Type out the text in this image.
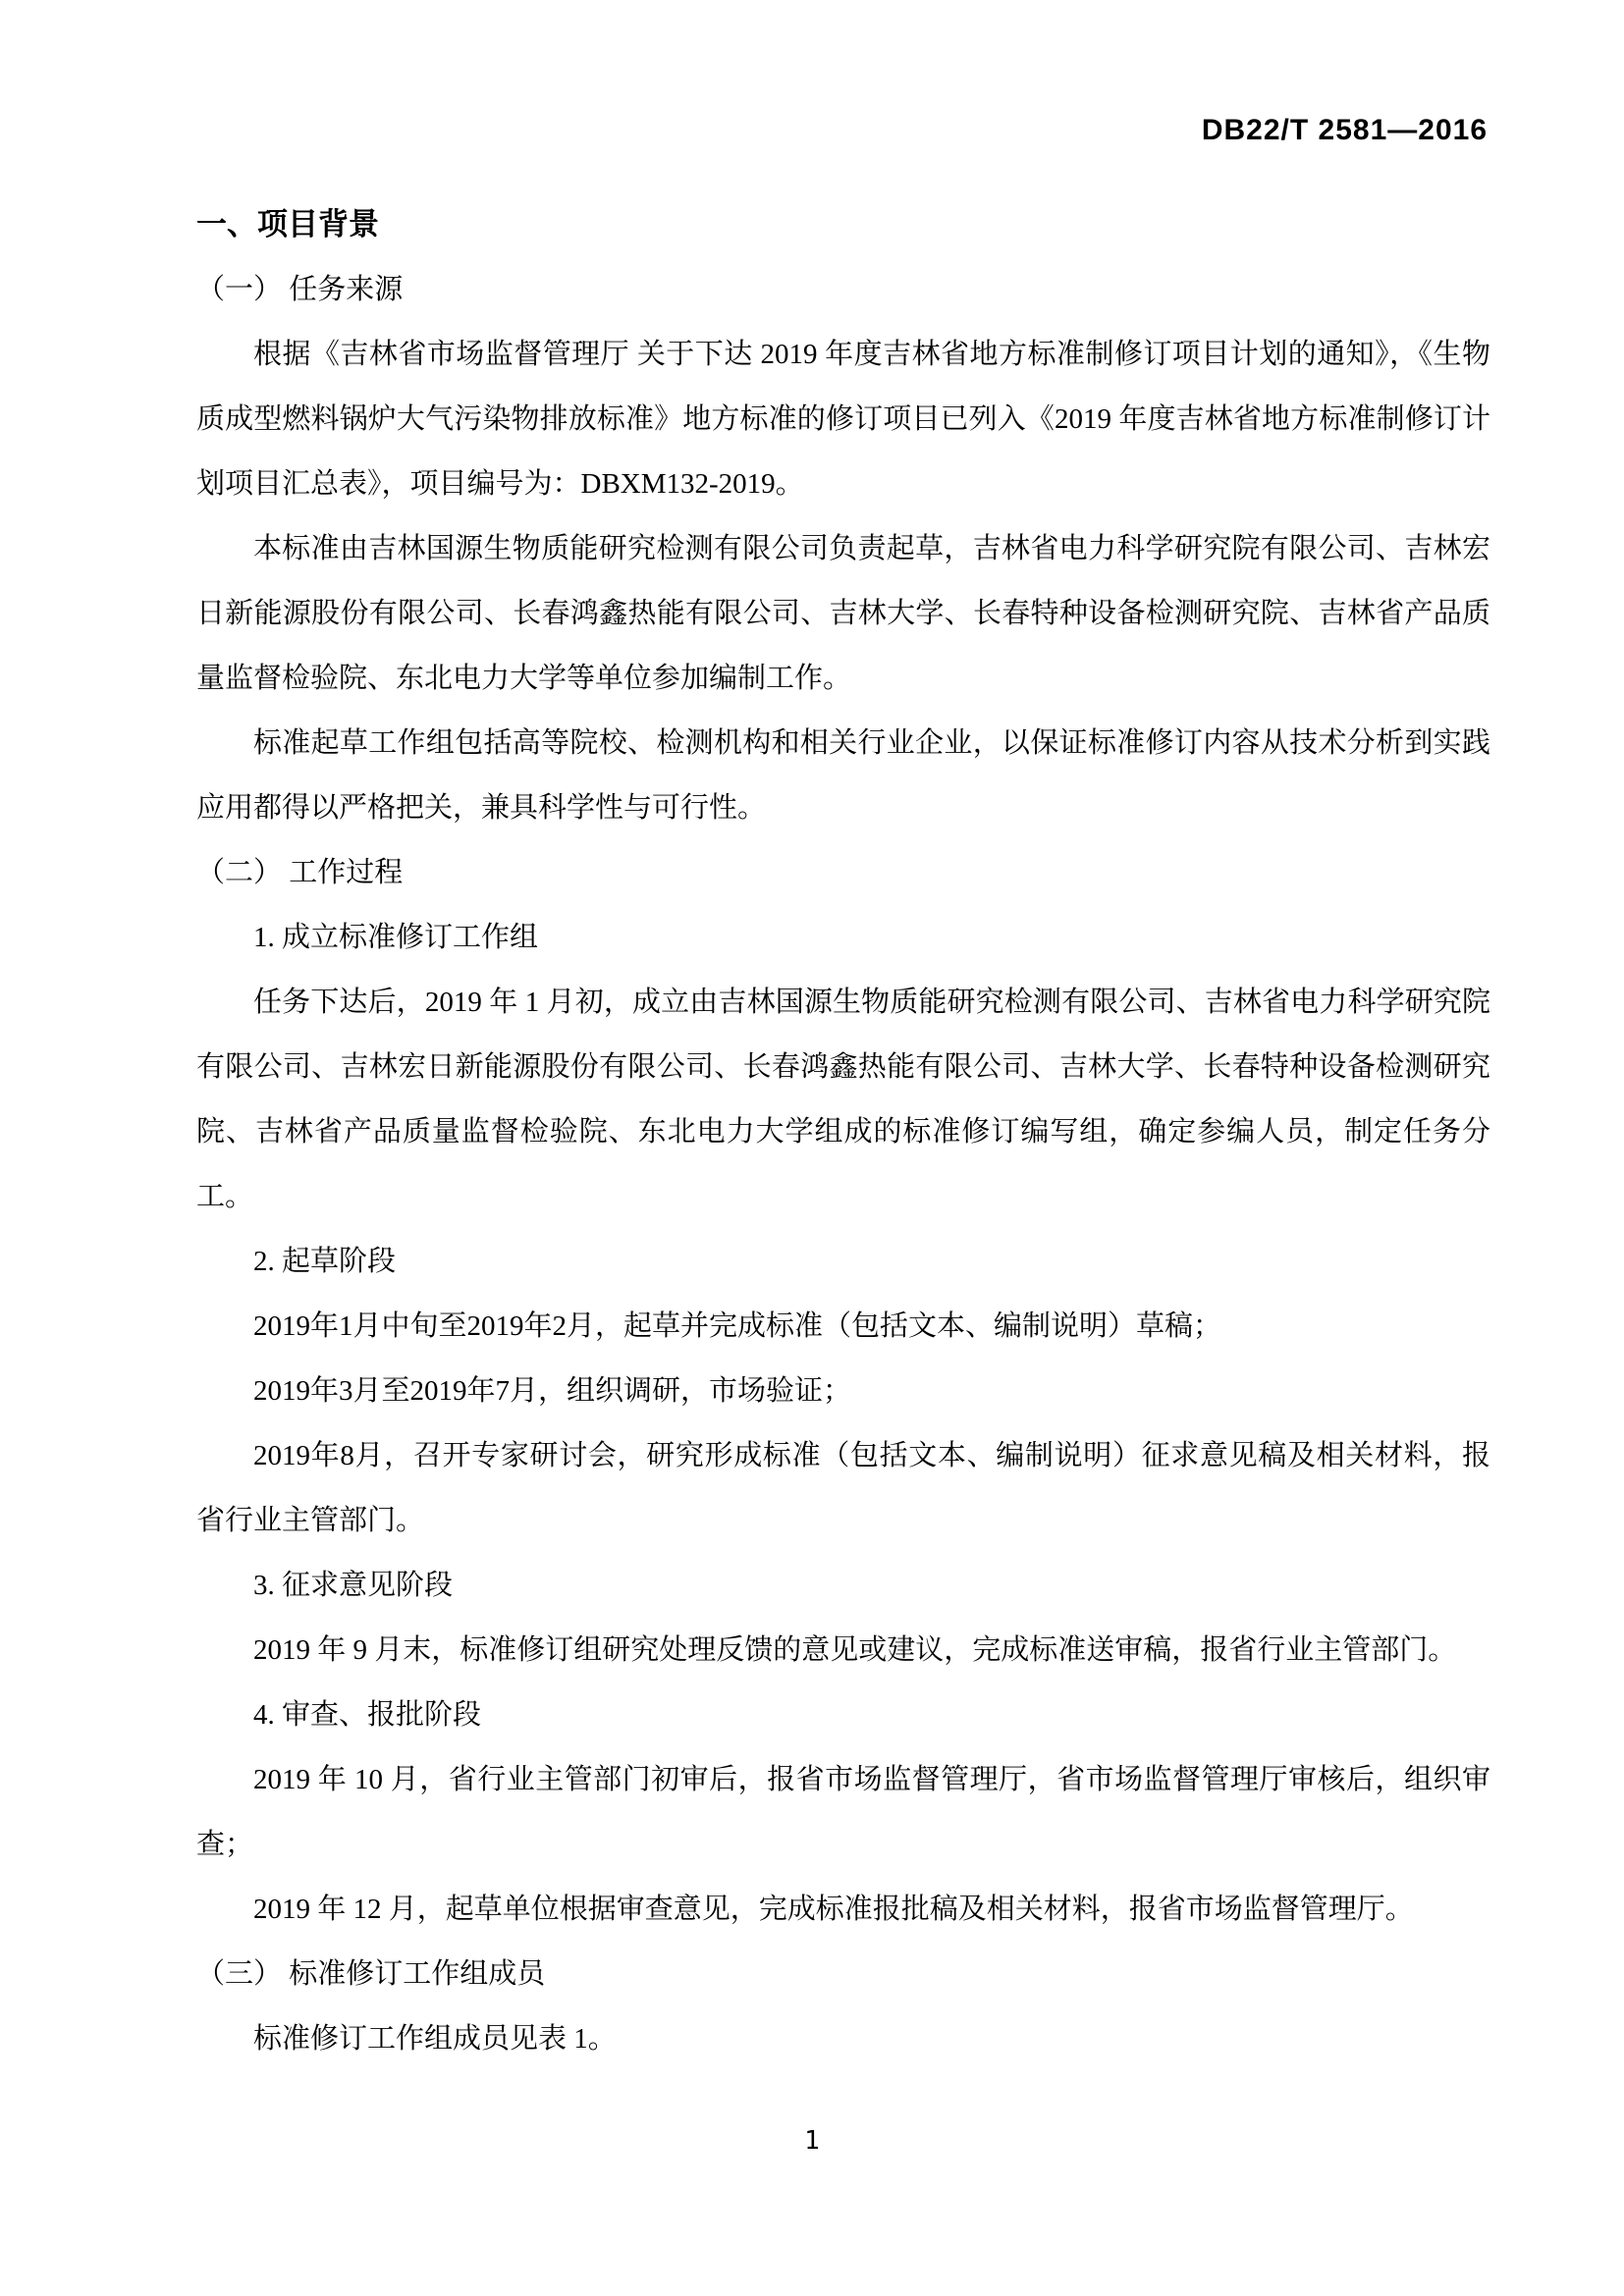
DB22/T 2581—2016
一、项目背景
（一） 任务来源
根据《吉林省市场监督管理厅 关于下达 2019 年度吉林省地方标准制修订项目计划的通知》，《生物质成型燃料锅炉大气污染物排放标准》地方标准的修订项目已列入《2019 年度吉林省地方标准制修订计划项目汇总表》，项目编号为：DBXM132-2019。
本标准由吉林国源生物质能研究检测有限公司负责起草，吉林省电力科学研究院有限公司、吉林宏日新能源股份有限公司、长春鸿鑫热能有限公司、吉林大学、长春特种设备检测研究院、吉林省产品质量监督检验院、东北电力大学等单位参加编制工作。
标准起草工作组包括高等院校、检测机构和相关行业企业，以保证标准修订内容从技术分析到实践应用都得以严格把关，兼具科学性与可行性。
（二） 工作过程
1. 成立标准修订工作组
任务下达后，2019 年 1 月初，成立由吉林国源生物质能研究检测有限公司、吉林省电力科学研究院有限公司、吉林宏日新能源股份有限公司、长春鸿鑫热能有限公司、吉林大学、长春特种设备检测研究院、吉林省产品质量监督检验院、东北电力大学组成的标准修订编写组，确定参编人员，制定任务分工。
2. 起草阶段
2019年1月中旬至2019年2月，起草并完成标准（包括文本、编制说明）草稿；
2019年3月至2019年7月，组织调研，市场验证；
2019年8月，召开专家研讨会，研究形成标准（包括文本、编制说明）征求意见稿及相关材料，报省行业主管部门。
3. 征求意见阶段
2019 年 9 月末，标准修订组研究处理反馈的意见或建议，完成标准送审稿，报省行业主管部门。
4. 审查、报批阶段
2019 年 10 月，省行业主管部门初审后，报省市场监督管理厅，省市场监督管理厅审核后，组织审查；
2019 年 12 月，起草单位根据审查意见，完成标准报批稿及相关材料，报省市场监督管理厅。
（三） 标准修订工作组成员
标准修订工作组成员见表 1。
1
